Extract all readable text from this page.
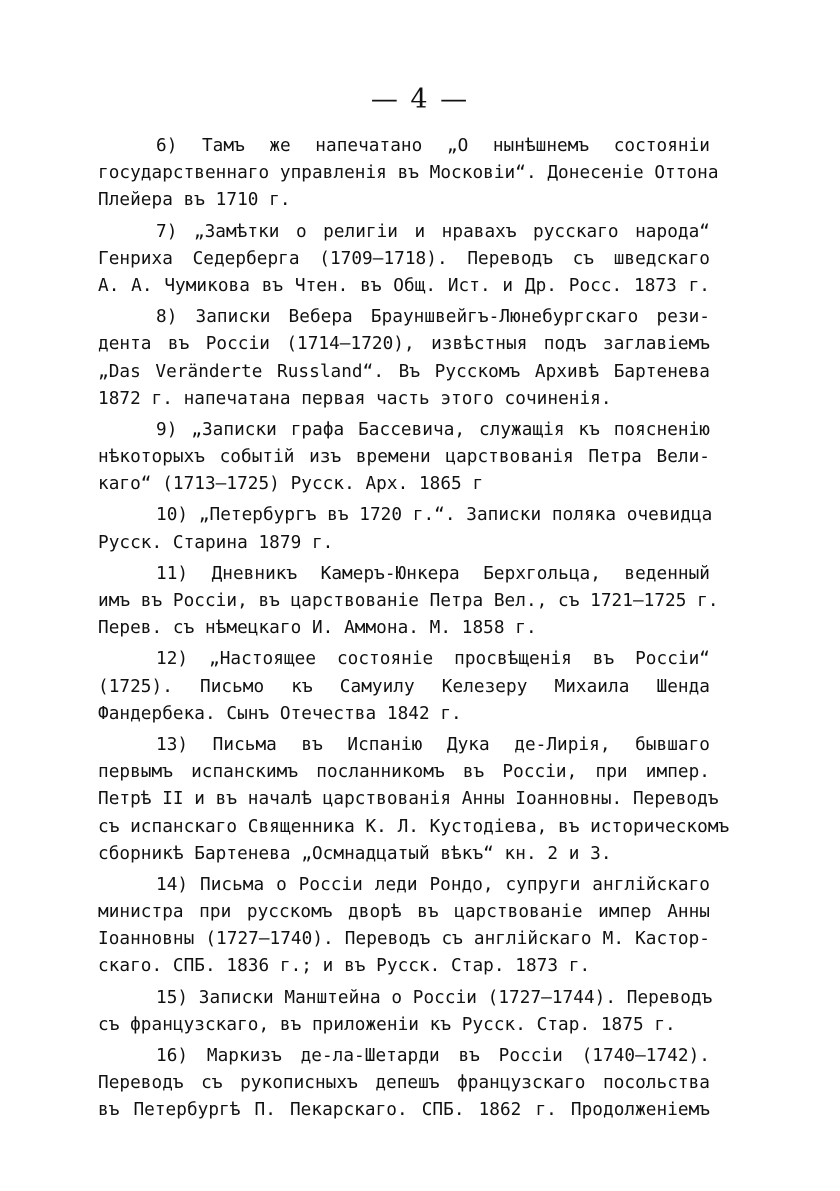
— 4 —

6) Тамъ же напечатано „О нынѣшнемъ состояніи
государственнаго управленія въ Московіи“. Донесеніе Оттона
Плейера въ 1710 г.

7) „Замѣтки о религіи и нравахъ русскаго народа“
Генриха Седерберга (1709—1718). Переводъ съ шведскаго
А. А. Чумикова въ Чтен. въ Общ. Ист. и Др. Росс. 1873 г.

8) Записки Вебера Брауншвейгъ-Люнебургскаго рези-
дента въ Россіи (1714—1720), извѣстныя подъ заглавіемъ
„Das Veränderte Russland“. Въ Русскомъ Архивѣ Бартенева
1872 г. напечатана первая часть этого сочиненія.

9) „Записки графа Бассевича, служащія къ поясненію
нѣкоторыхъ событій изъ времени царствованія Петра Вели-
каго“ (1713—1725) Русск. Арх. 1865 г

10) „Петербургъ въ 1720 г.“. Записки поляка очевидца
Русск. Старина 1879 г.

11) Дневникъ Камеръ-Юнкера Берхгольца, веденный
имъ въ Россіи, въ царствованіе Петра Вел., съ 1721—1725 г.
Перев. съ нѣмецкаго И. Аммона. М. 1858 г.

12) „Настоящее состояніе просвѣщенія въ Россіи“
(1725). Письмо къ Самуилу Келезеру Михаила Шенда
Фандербека. Сынъ Отечества 1842 г.

13) Письма въ Испанію Дука де-Лирія, бывшаго
первымъ испанскимъ посланникомъ въ Россіи, при импер.
Петрѣ II и въ началѣ царствованія Анны Іоанновны. Переводъ
съ испанскаго Священника К. Л. Кустодіева, въ историческомъ
сборникѣ Бартенева „Осмнадцатый вѣкъ“ кн. 2 и 3.

14) Письма о Россіи леди Рондо, супруги англійскаго
министра при русскомъ дворѣ въ царствованіе импер Анны
Іоанновны (1727—1740). Переводъ съ англійскаго М. Кастор-
скаго. СПБ. 1836 г.; и въ Русск. Стар. 1873 г.

15) Записки Манштейна о Россіи (1727—1744). Переводъ
съ французскаго, въ приложеніи къ Русск. Стар. 1875 г.

16) Маркизъ де-ла-Шетарди въ Россіи (1740—1742).
Переводъ съ рукописныхъ депешъ французскаго посольства
въ Петербургѣ П. Пекарскаго. СПБ. 1862 г. Продолженіемъ
